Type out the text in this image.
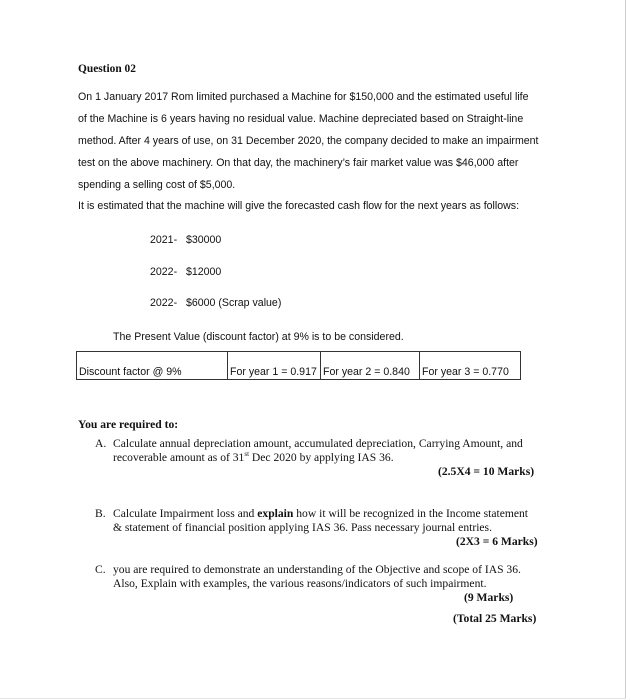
Question 02
On 1 January 2017 Rom limited purchased a Machine for $150,000 and the estimated useful life
of the Machine is 6 years having no residual value. Machine depreciated based on Straight-line
method. After 4 years of use, on 31 December 2020, the company decided to make an impairment
test on the above machinery. On that day, the machinery’s fair market value was $46,000 after
spending a selling cost of $5,000.
It is estimated that the machine will give the forecasted cash flow for the next years as follows:
2021- $30000
2022- $12000
2022- $6000 (Scrap value)
The Present Value (discount factor) at 9% is to be considered.
Discount factor @ 9%	For year 1 = 0.917	For year 2 = 0.840	For year 3 = 0.770
You are required to:
A. Calculate annual depreciation amount, accumulated depreciation, Carrying Amount, and
recoverable amount as of 31st Dec 2020 by applying IAS 36.
(2.5X4 = 10 Marks)
B. Calculate Impairment loss and explain how it will be recognized in the Income statement
& statement of financial position applying IAS 36. Pass necessary journal entries.
(2X3 = 6 Marks)
C. you are required to demonstrate an understanding of the Objective and scope of IAS 36.
Also, Explain with examples, the various reasons/indicators of such impairment.
(9 Marks)
(Total 25 Marks)
